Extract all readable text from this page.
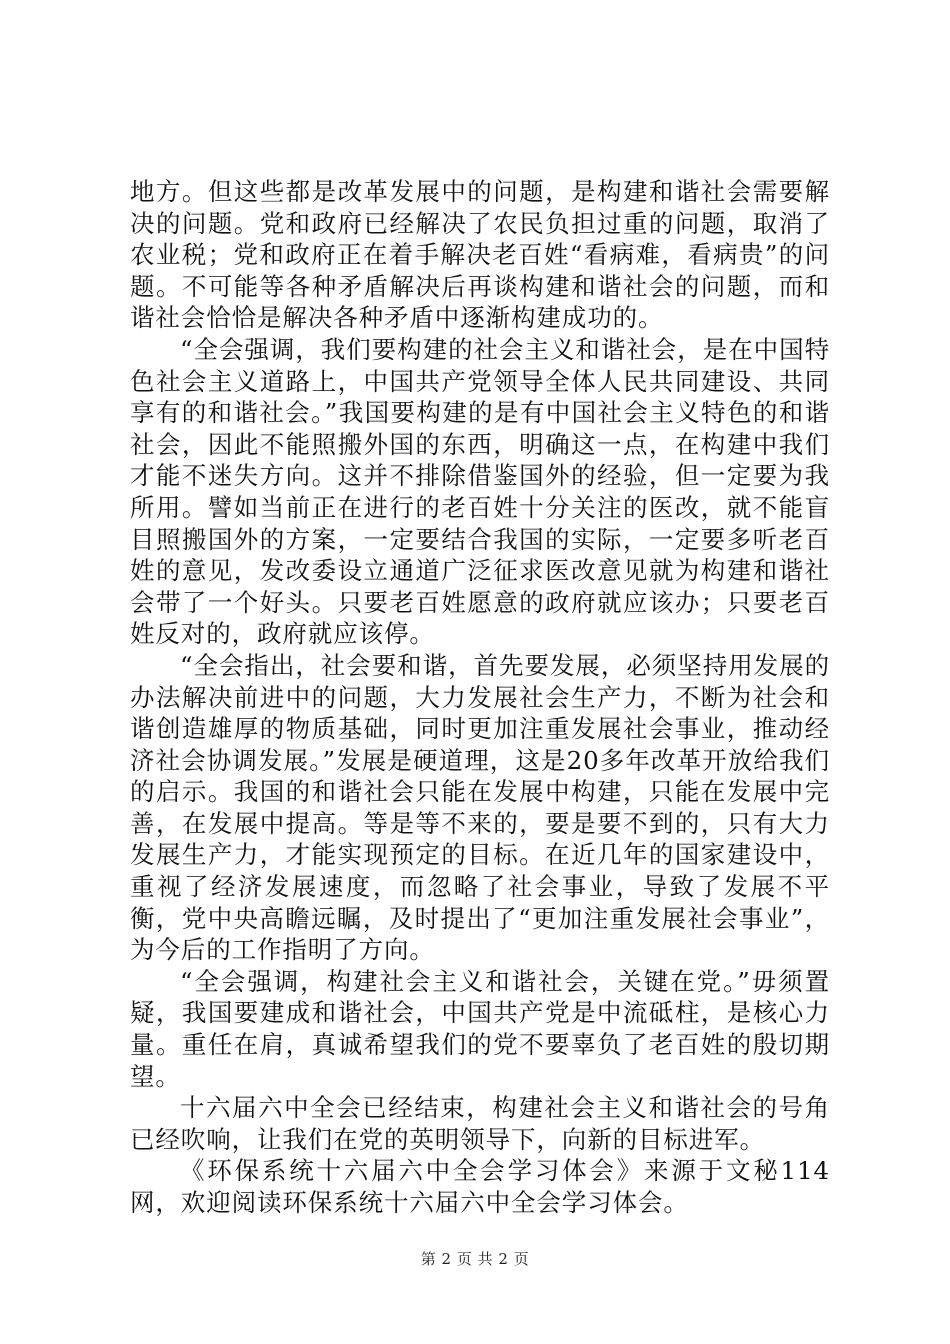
地方。但这些都是改革发展中的问题，是构建和谐社会需要解决的问题。党和政府已经解决了农民负担过重的问题，取消了农业税；党和政府正在着手解决老百姓“看病难，看病贵”的问题。不可能等各种矛盾解决后再谈构建和谐社会的问题，而和谐社会恰恰是解决各种矛盾中逐渐构建成功的。

“全会强调，我们要构建的社会主义和谐社会，是在中国特色社会主义道路上，中国共产党领导全体人民共同建设、共同享有的和谐社会。”我国要构建的是有中国社会主义特色的和谐社会，因此不能照搬外国的东西，明确这一点，在构建中我们才能不迷失方向。这并不排除借鉴国外的经验，但一定要为我所用。譬如当前正在进行的老百姓十分关注的医改，就不能盲目照搬国外的方案，一定要结合我国的实际，一定要多听老百姓的意见，发改委设立通道广泛征求医改意见就为构建和谐社会带了一个好头。只要老百姓愿意的政府就应该办；只要老百姓反对的，政府就应该停。

“全会指出，社会要和谐，首先要发展，必须坚持用发展的办法解决前进中的问题，大力发展社会生产力，不断为社会和谐创造雄厚的物质基础，同时更加注重发展社会事业，推动经济社会协调发展。”发展是硬道理，这是20多年改革开放给我们的启示。我国的和谐社会只能在发展中构建，只能在发展中完善，在发展中提高。等是等不来的，要是要不到的，只有大力发展生产力，才能实现预定的目标。在近几年的国家建设中，重视了经济发展速度，而忽略了社会事业，导致了发展不平衡，党中央高瞻远瞩，及时提出了“更加注重发展社会事业”，为今后的工作指明了方向。

“全会强调，构建社会主义和谐社会，关键在党。”毋须置疑，我国要建成和谐社会，中国共产党是中流砥柱，是核心力量。重任在肩，真诚希望我们的党不要辜负了老百姓的殷切期望。

十六届六中全会已经结束，构建社会主义和谐社会的号角已经吹响，让我们在党的英明领导下，向新的目标进军。

《环保系统十六届六中全会学习体会》来源于文秘114网，欢迎阅读环保系统十六届六中全会学习体会。

第 2 页 共 2 页
